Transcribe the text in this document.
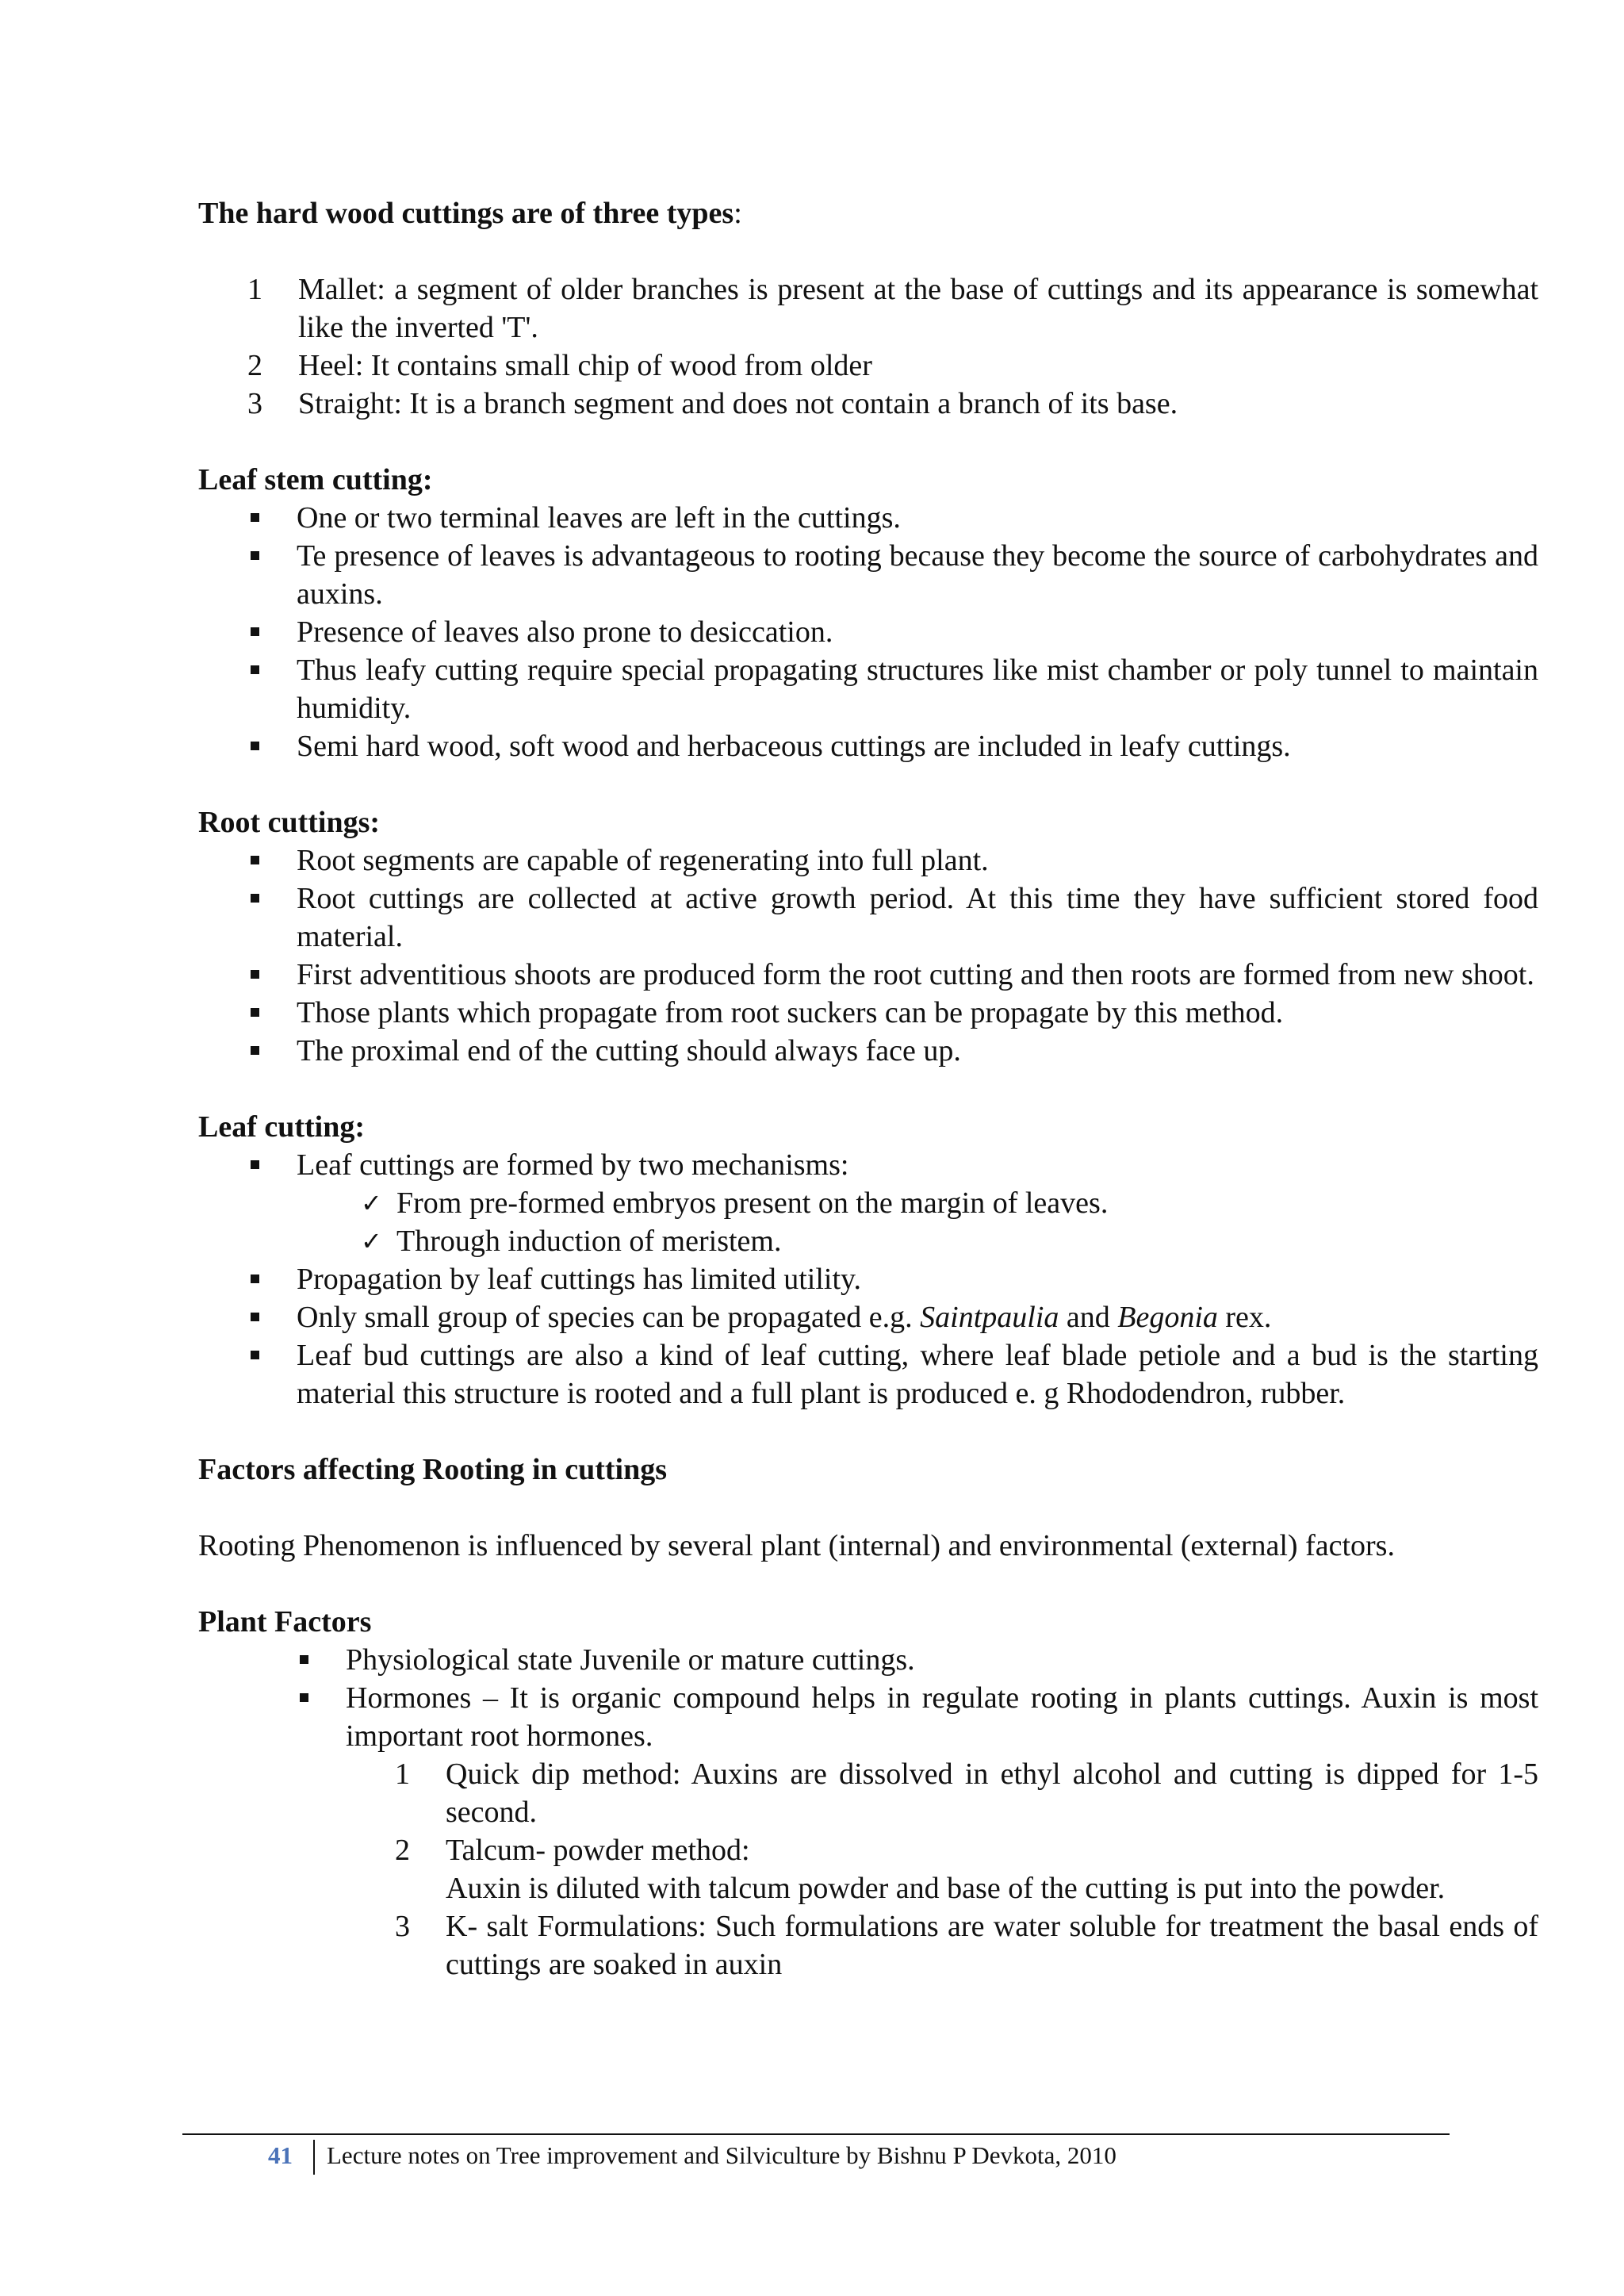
The hard wood cuttings are of three types:

1 Mallet: a segment of older branches is present at the base of cuttings and its appearance is somewhat like the inverted 'T'.
2 Heel: It contains small chip of wood from older
3 Straight: It is a branch segment and does not contain a branch of its base.

Leaf stem cutting:

One or two terminal leaves are left in the cuttings.
Te presence of leaves is advantageous to rooting because they become the source of carbohydrates and auxins.
Presence of leaves also prone to desiccation.
Thus leafy cutting require special propagating structures like mist chamber or poly tunnel to maintain humidity.
Semi hard wood, soft wood and herbaceous cuttings are included in leafy cuttings.

Root cuttings:

Root segments are capable of regenerating into full plant.
Root cuttings are collected at active growth period. At this time they have sufficient stored food material.
First adventitious shoots are produced form the root cutting and then roots are formed from new shoot.
Those plants which propagate from root suckers can be propagate by this method.
The proximal end of the cutting should always face up.

Leaf cutting:

Leaf cuttings are formed by two mechanisms:
✓ From pre-formed embryos present on the margin of leaves.
✓ Through induction of meristem.
Propagation by leaf cuttings has limited utility.
Only small group of species can be propagated e.g. Saintpaulia and Begonia rex.
Leaf bud cuttings are also a kind of leaf cutting, where leaf blade petiole and a bud is the starting material this structure is rooted and a full plant is produced e. g Rhododendron, rubber.

Factors affecting Rooting in cuttings

Rooting Phenomenon is influenced by several plant (internal) and environmental (external) factors.

Plant Factors

Physiological state Juvenile or mature cuttings.
Hormones – It is organic compound helps in regulate rooting in plants cuttings. Auxin is most important root hormones.
1 Quick dip method: Auxins are dissolved in ethyl alcohol and cutting is dipped for 1-5 second.
2 Talcum- powder method:
Auxin is diluted with talcum powder and base of the cutting is put into the powder.
3 K- salt Formulations: Such formulations are water soluble for treatment the basal ends of cuttings are soaked in auxin
41 Lecture notes on Tree improvement and Silviculture by Bishnu P Devkota, 2010
